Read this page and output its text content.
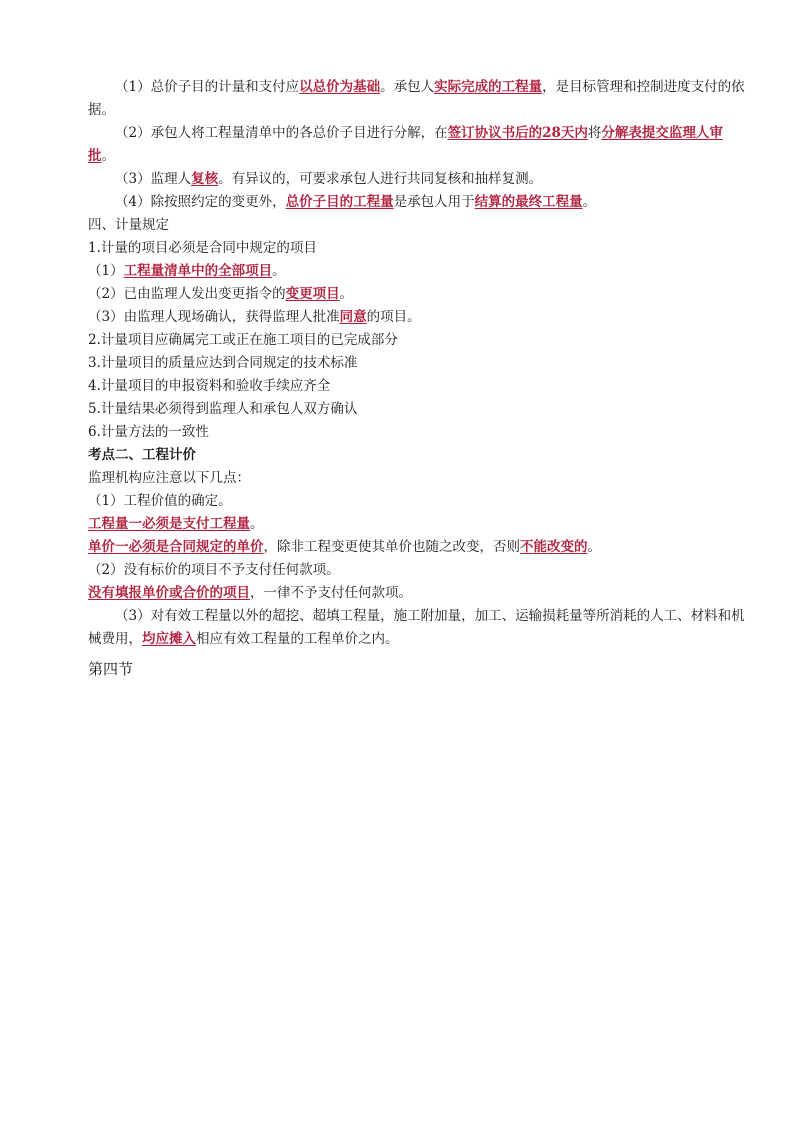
（1）总价子目的计量和支付应以总价为基础。承包人实际完成的工程量，是目标管理和控制进度支付的依据。

（2）承包人将工程量清单中的各总价子目进行分解，在签订协议书后的28天内将分解表提交监理人审批。

（3）监理人复核。有异议的，可要求承包人进行共同复核和抽样复测。

（4）除按照约定的变更外，总价子目的工程量是承包人用于结算的最终工程量。

四、计量规定

1.计量的项目必须是合同中规定的项目

（1）工程量清单中的全部项目。

（2）已由监理人发出变更指令的变更项目。

（3）由监理人现场确认，获得监理人批准同意的项目。

2.计量项目应确属完工或正在施工项目的已完成部分

3.计量项目的质量应达到合同规定的技术标准

4.计量项目的申报资料和验收手续应齐全

5.计量结果必须得到监理人和承包人双方确认

6.计量方法的一致性

考点二、工程计价

监理机构应注意以下几点：

（1）工程价值的确定。

工程量一必须是支付工程量。

单价一必须是合同规定的单价，除非工程变更使其单价也随之改变，否则不能改变的。

（2）没有标价的项目不予支付任何款项。

没有填报单价或合价的项目，一律不予支付任何款项。

（3）对有效工程量以外的超挖、超填工程量，施工附加量，加工、运输损耗量等所消耗的人工、材料和机械费用，均应摊入相应有效工程量的工程单价之内。

第四节
